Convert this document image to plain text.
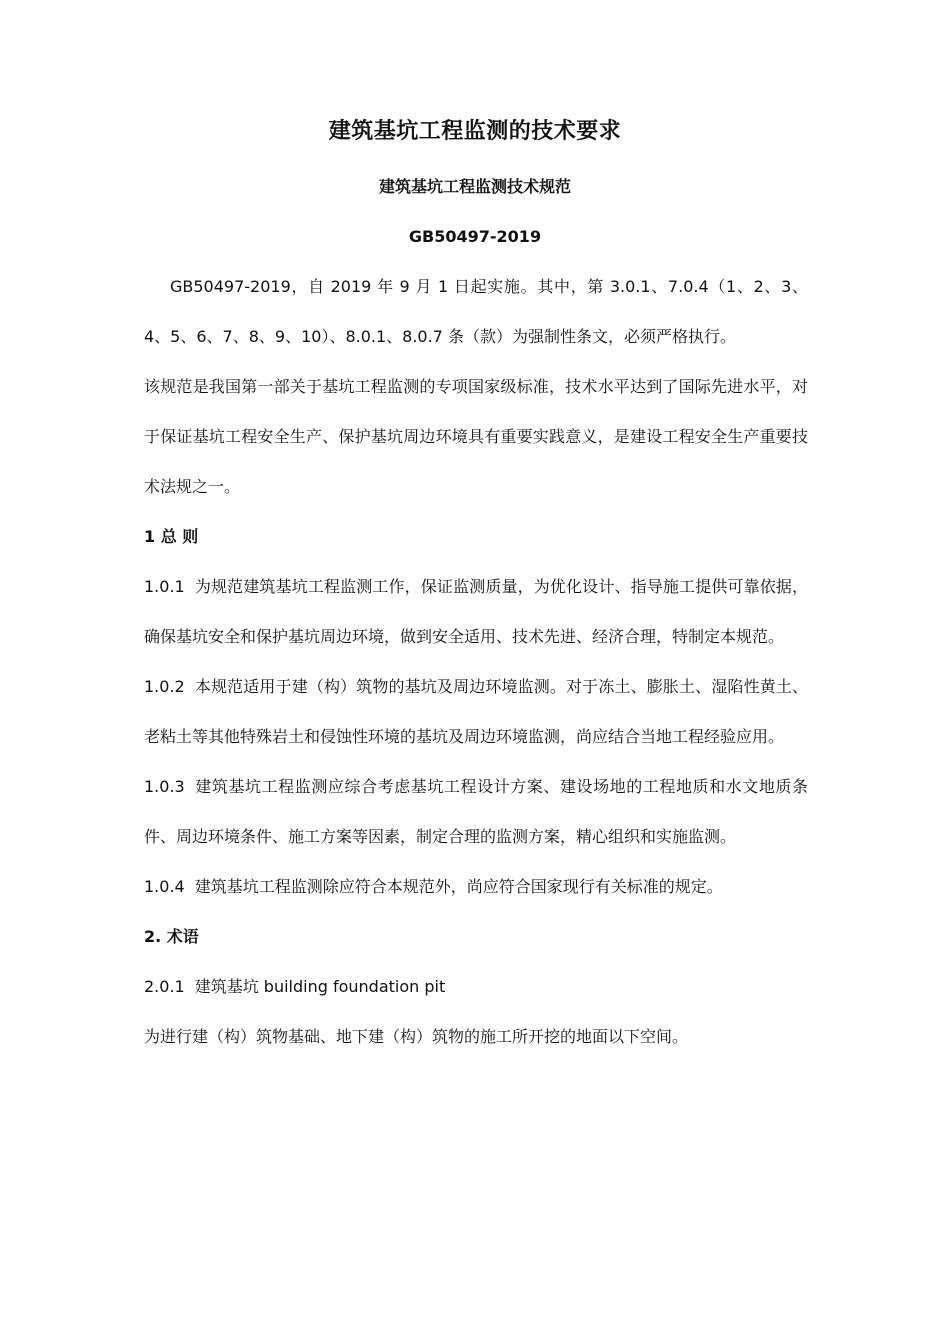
建筑基坑工程监测的技术要求
建筑基坑工程监测技术规范
GB50497-2019

GB50497-2019，自 2019 年 9 月 1 日起实施。其中，第 3.0.1、7.0.4（1、2、3、4、5、6、7、8、9、10）、8.0.1、8.0.7 条（款）为强制性条文，必须严格执行。

该规范是我国第一部关于基坑工程监测的专项国家级标准，技术水平达到了国际先进水平，对于保证基坑工程安全生产、保护基坑周边环境具有重要实践意义，是建设工程安全生产重要技术法规之一。

1 总 则

1.0.1 为规范建筑基坑工程监测工作，保证监测质量，为优化设计、指导施工提供可靠依据，确保基坑安全和保护基坑周边环境，做到安全适用、技术先进、经济合理，特制定本规范。

1.0.2 本规范适用于建（构）筑物的基坑及周边环境监测。对于冻土、膨胀土、湿陷性黄土、老粘土等其他特殊岩土和侵蚀性环境的基坑及周边环境监测，尚应结合当地工程经验应用。

1.0.3 建筑基坑工程监测应综合考虑基坑工程设计方案、建设场地的工程地质和水文地质条件、周边环境条件、施工方案等因素，制定合理的监测方案，精心组织和实施监测。

1.0.4 建筑基坑工程监测除应符合本规范外，尚应符合国家现行有关标准的规定。

2. 术语

2.0.1 建筑基坑 building foundation pit

为进行建（构）筑物基础、地下建（构）筑物的施工所开挖的地面以下空间。
